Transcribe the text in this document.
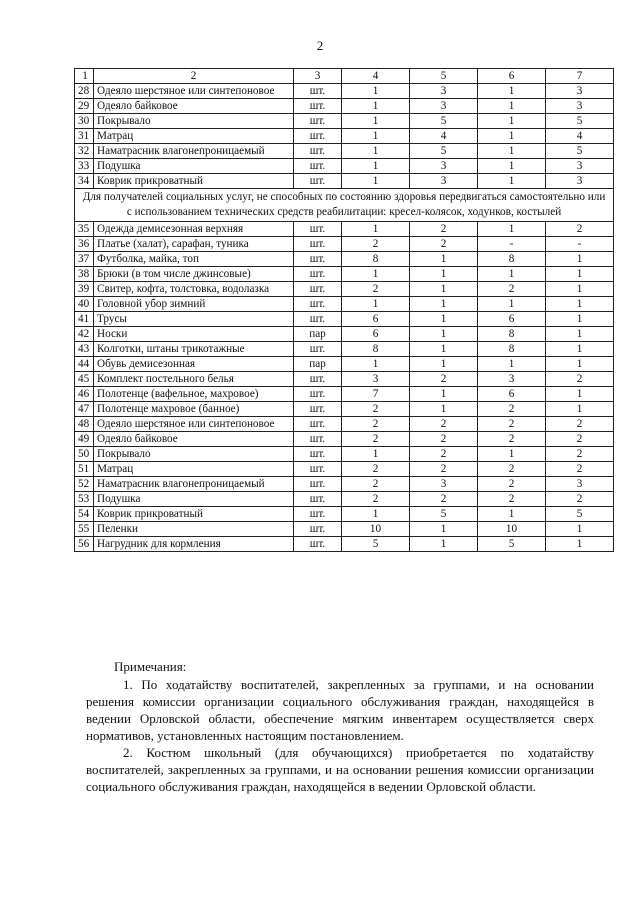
2
1	2	3	4	5	6	7
28	Одеяло шерстяное или синтепоновое	шт.	1	3	1	3
29	Одеяло байковое	шт.	1	3	1	3
30	Покрывало	шт.	1	5	1	5
31	Матрац	шт.	1	4	1	4
32	Наматрасник влагонепроницаемый	шт.	1	5	1	5
33	Подушка	шт.	1	3	1	3
34	Коврик прикроватный	шт.	1	3	1	3
Для получателей социальных услуг, не способных по состоянию здоровья передвигаться самостоятельно или с использованием технических средств реабилитации: кресел-колясок, ходунков, костылей						
35	Одежда демисезонная верхняя	шт.	1	2	1	2
36	Платье (халат), сарафан, туника	шт.	2	2	-	-
37	Футболка, майка, топ	шт.	8	1	8	1
38	Брюки (в том числе джинсовые)	шт.	1	1	1	1
39	Свитер, кофта, толстовка, водолазка	шт.	2	1	2	1
40	Головной убор зимний	шт.	1	1	1	1
41	Трусы	шт.	6	1	6	1
42	Носки	пар	6	1	8	1
43	Колготки, штаны трикотажные	шт.	8	1	8	1
44	Обувь демисезонная	пар	1	1	1	1
45	Комплект постельного белья	шт.	3	2	3	2
46	Полотенце (вафельное, махровое)	шт.	7	1	6	1
47	Полотенце махровое (банное)	шт.	2	1	2	1
48	Одеяло шерстяное или синтепоновое	шт.	2	2	2	2
49	Одеяло байковое	шт.	2	2	2	2
50	Покрывало	шт.	1	2	1	2
51	Матрац	шт.	2	2	2	2
52	Наматрасник влагонепроницаемый	шт.	2	3	2	3
53	Подушка	шт.	2	2	2	2
54	Коврик прикроватный	шт.	1	5	1	5
55	Пеленки	шт.	10	1	10	1
56	Нагрудник для кормления	шт.	5	1	5	1

Примечания:

1. По ходатайству воспитателей, закрепленных за группами, и на основании решения комиссии организации социального обслуживания граждан, находящейся в ведении Орловской области, обеспечение мягким инвентарем осуществляется сверх нормативов, установленных настоящим постановлением.

2. Костюм школьный (для обучающихся) приобретается по ходатайству воспитателей, закрепленных за группами, и на основании решения комиссии организации социального обслуживания граждан, находящейся в ведении Орловской области.
